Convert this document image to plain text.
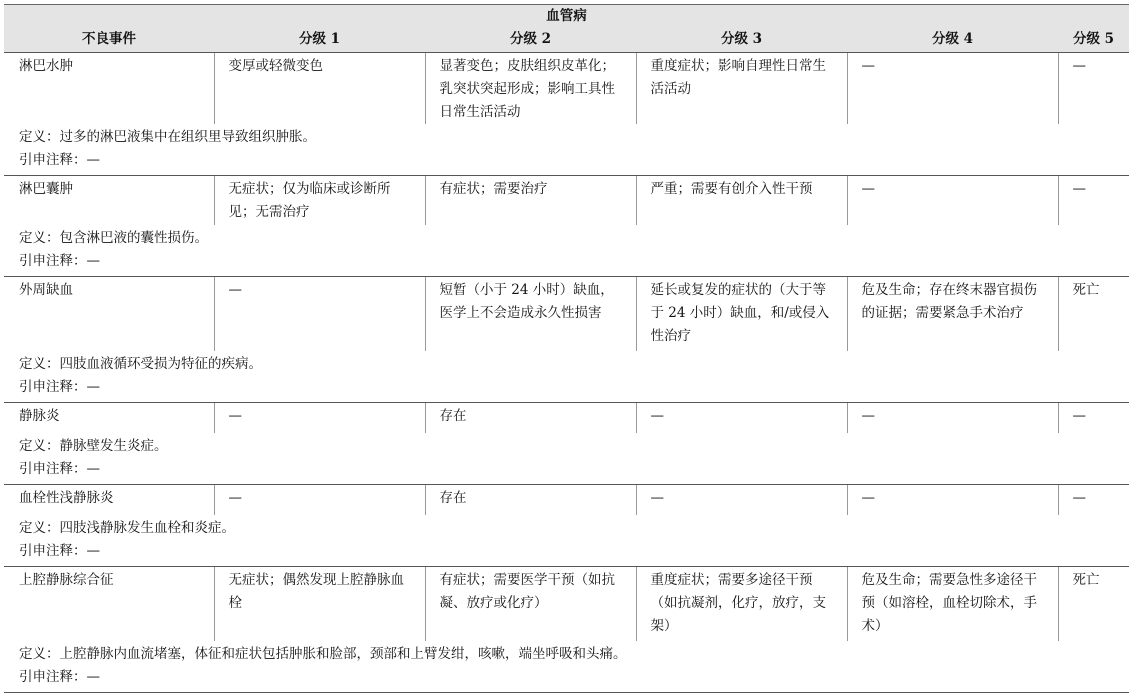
血管病					
不良事件	分级 1	分级 2	分级 3	分级 4	分级 5
淋巴水肿	变厚或轻微变色	显著变色；皮肤组织皮革化；乳突状突起形成；影响工具性日常生活活动	重度症状；影响自理性日常生活活动	—	—
定义：过多的淋巴液集中在组织里导致组织肿胀。					
引申注释：—					
淋巴囊肿	无症状；仅为临床或诊断所见；无需治疗	有症状；需要治疗	严重；需要有创介入性干预	—	—
定义：包含淋巴液的囊性损伤。					
引申注释：—					
外周缺血	—	短暂（小于 24 小时）缺血，医学上不会造成永久性损害	延长或复发的症状的（大于等于 24 小时）缺血，和/或侵入性治疗	危及生命；存在终末器官损伤的证据；需要紧急手术治疗	死亡
定义：四肢血液循环受损为特征的疾病。					
引申注释：—					
静脉炎	—	存在	—	—	—
定义：静脉壁发生炎症。					
引申注释：—					
血栓性浅静脉炎	—	存在	—	—	—
定义：四肢浅静脉发生血栓和炎症。					
引申注释：—					
上腔静脉综合征	无症状；偶然发现上腔静脉血栓	有症状；需要医学干预（如抗凝、放疗或化疗）	重度症状；需要多途径干预（如抗凝剂，化疗，放疗，支架）	危及生命；需要急性多途径干预（如溶栓，血栓切除术，手术）	死亡
定义：上腔静脉内血流堵塞，体征和症状包括肿胀和脸部，颈部和上臂发绀，咳嗽，端坐呼吸和头痛。					
引申注释：—					
